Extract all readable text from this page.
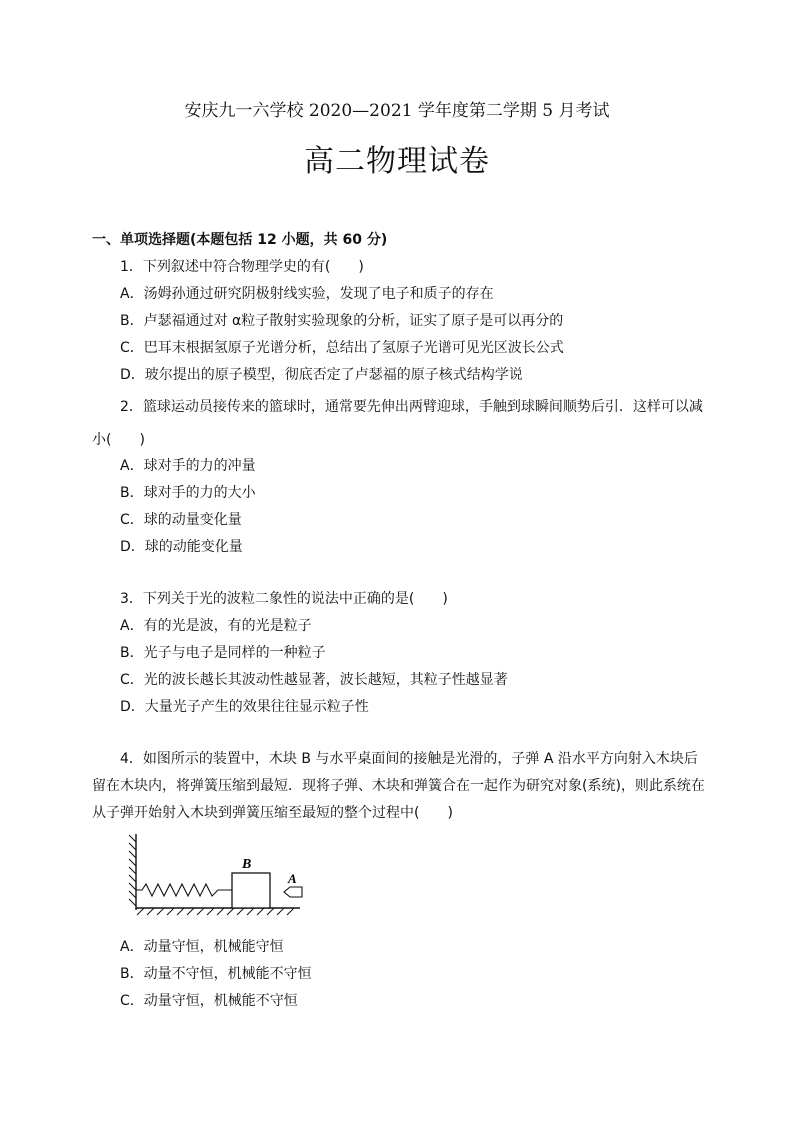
安庆九一六学校 2020—2021 学年度第二学期 5 月考试
高二物理试卷
一、单项选择题(本题包括 12 小题，共 60 分)
1．下列叙述中符合物理学史的有(　　)
A．汤姆孙通过研究阴极射线实验，发现了电子和质子的存在
B．卢瑟福通过对 α粒子散射实验现象的分析，证实了原子是可以再分的
C．巴耳末根据氢原子光谱分析，总结出了氢原子光谱可见光区波长公式
D．玻尔提出的原子模型，彻底否定了卢瑟福的原子核式结构学说
2．篮球运动员接传来的篮球时，通常要先伸出两臂迎球，手触到球瞬间顺势后引．这样可以减
小(　　)
A．球对手的力的冲量
B．球对手的力的大小
C．球的动量变化量
D．球的动能变化量
3．下列关于光的波粒二象性的说法中正确的是(　　)
A．有的光是波，有的光是粒子
B．光子与电子是同样的一种粒子
C．光的波长越长其波动性越显著，波长越短，其粒子性越显著
D．大量光子产生的效果往往显示粒子性
4．如图所示的装置中，木块 B 与水平桌面间的接触是光滑的，子弹 A 沿水平方向射入木块后
留在木块内，将弹簧压缩到最短．现将子弹、木块和弹簧合在一起作为研究对象(系统)，则此系统在
从子弹开始射入木块到弹簧压缩至最短的整个过程中(　　)
B
A
A．动量守恒，机械能守恒
B．动量不守恒，机械能不守恒
C．动量守恒，机械能不守恒
